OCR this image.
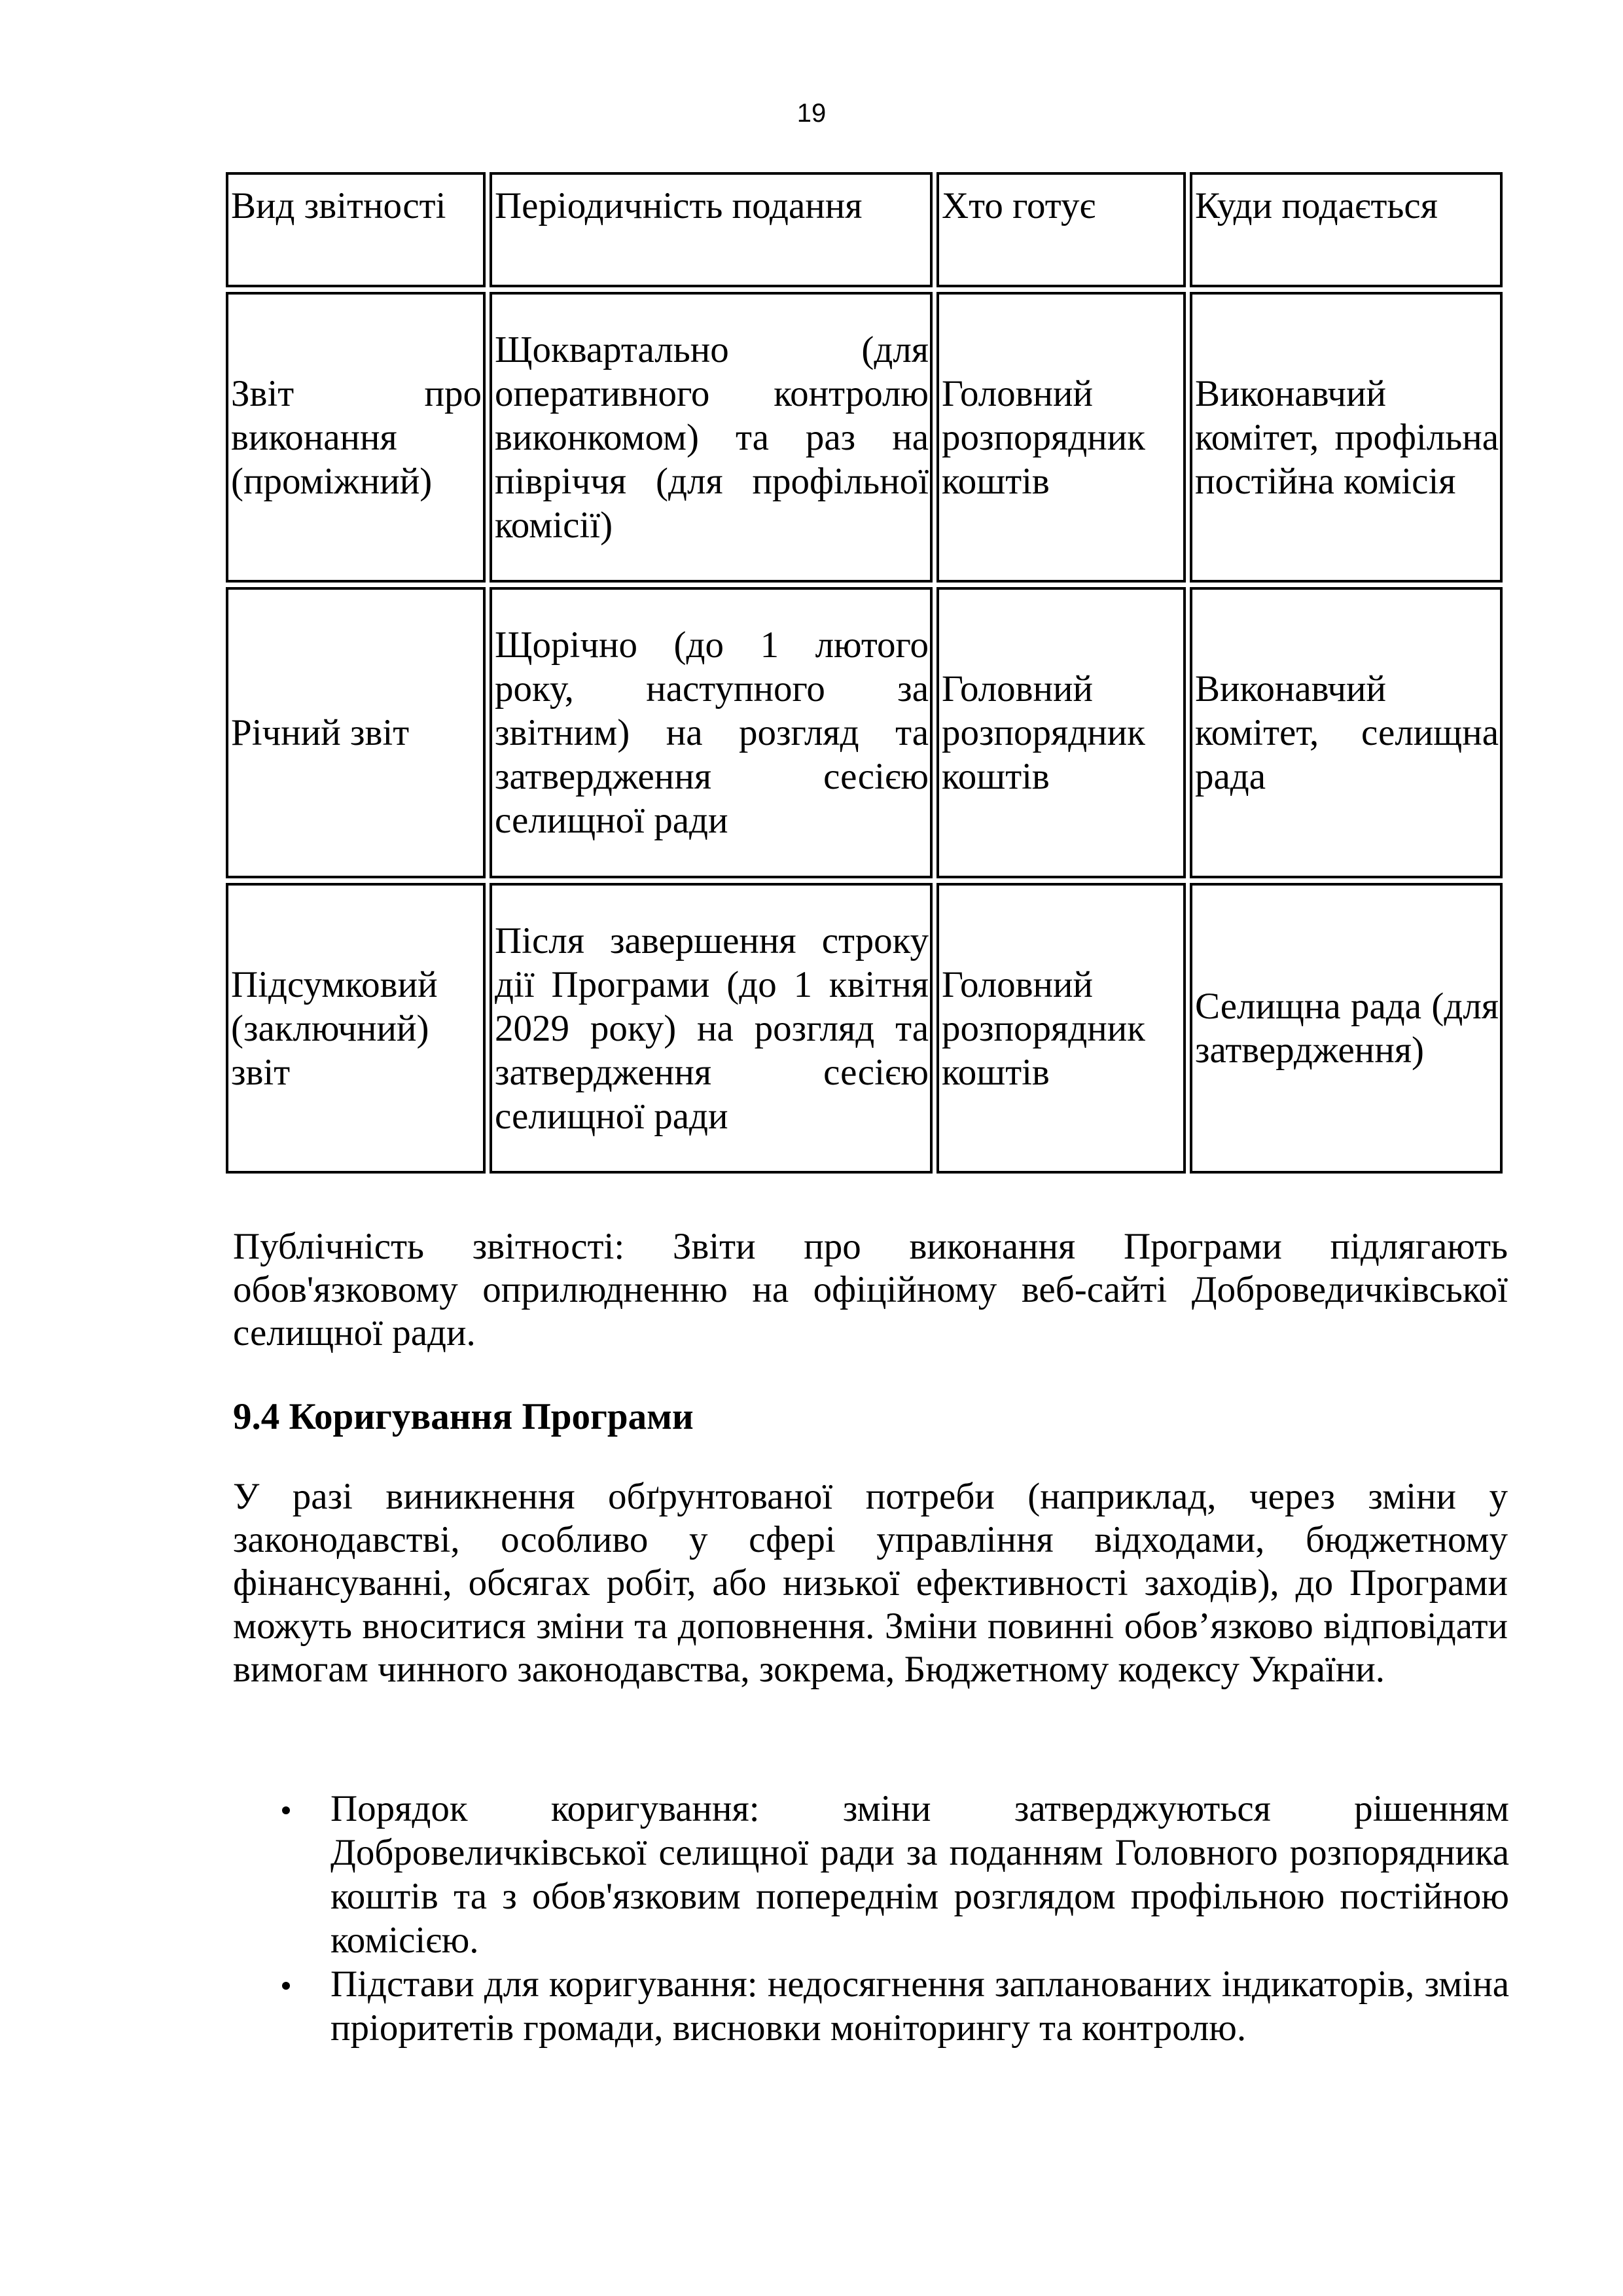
19
Вид звітності	Періодичність подання	Хто готує	Куди подається

Звіт про виконання (проміжний)	Щоквартально (для оперативного контролю виконкомом) та раз на півріччя (для профільної комісії)	Головний розпорядник коштів	Виконавчий комітет, профільна постійна комісія

Річний звіт	Щорічно (до 1 лютого року, наступного за звітним) на розгляд та затвердження сесією селищної ради	Головний розпорядник коштів	Виконавчий комітет, селищна рада

Підсумковий (заключний) звіт	Після завершення строку дії Програми (до 1 квітня 2029 року) на розгляд та затвердження сесією селищної ради	Головний розпорядник коштів	Селищна рада (для затвердження)

Публічність звітності: Звіти про виконання Програми підлягають обов'язковому оприлюдненню на офіційному веб-сайті Доброведичківської селищної ради.

9.4 Коригування Програми

У разі виникнення обґрунтованої потреби (наприклад, через зміни у законодавстві, особливо у сфері управління відходами, бюджетному фінансуванні, обсягах робіт, або низької ефективності заходів), до Програми можуть вноситися зміни та доповнення. Зміни повинні обов’язково відповідати вимогам чинного законодавства, зокрема, Бюджетному кодексу України.

Порядок коригування: зміни затверджуються рішенням Добровеличківської селищної ради за поданням Головного розпорядника коштів та з обов'язковим попереднім розглядом профільною постійною комісією.
Підстави для коригування: недосягнення запланованих індикаторів, зміна пріоритетів громади, висновки моніторингу та контролю.
